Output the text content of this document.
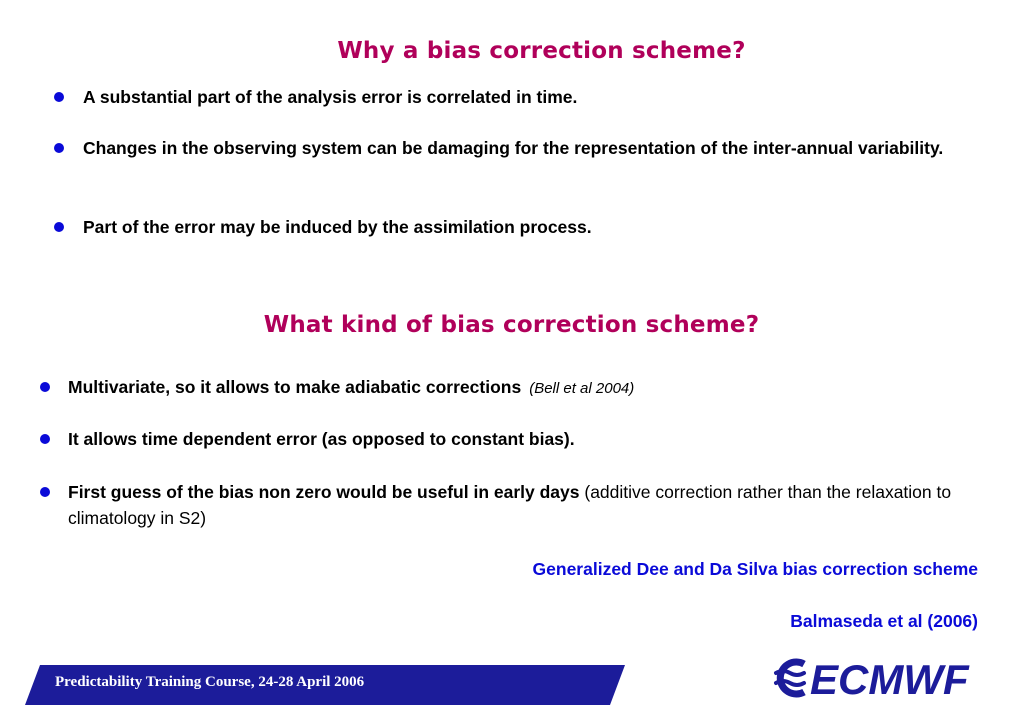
Why a bias correction scheme?
A substantial part of the analysis error is correlated in time.
Changes in the observing system can be damaging for the representation of the inter-annual variability.
Part of the error may be induced by the assimilation process.
What kind of bias correction scheme?
Multivariate, so it allows to make adiabatic corrections (Bell et al 2004)
It allows time dependent error (as opposed to constant bias).
First guess of the bias non zero would be useful in early days (additive correction rather than the relaxation to climatology in S2)
Generalized Dee and Da Silva bias correction scheme
Balmaseda et al (2006)
Predictability Training Course, 24-28 April 2006	ECMWF
